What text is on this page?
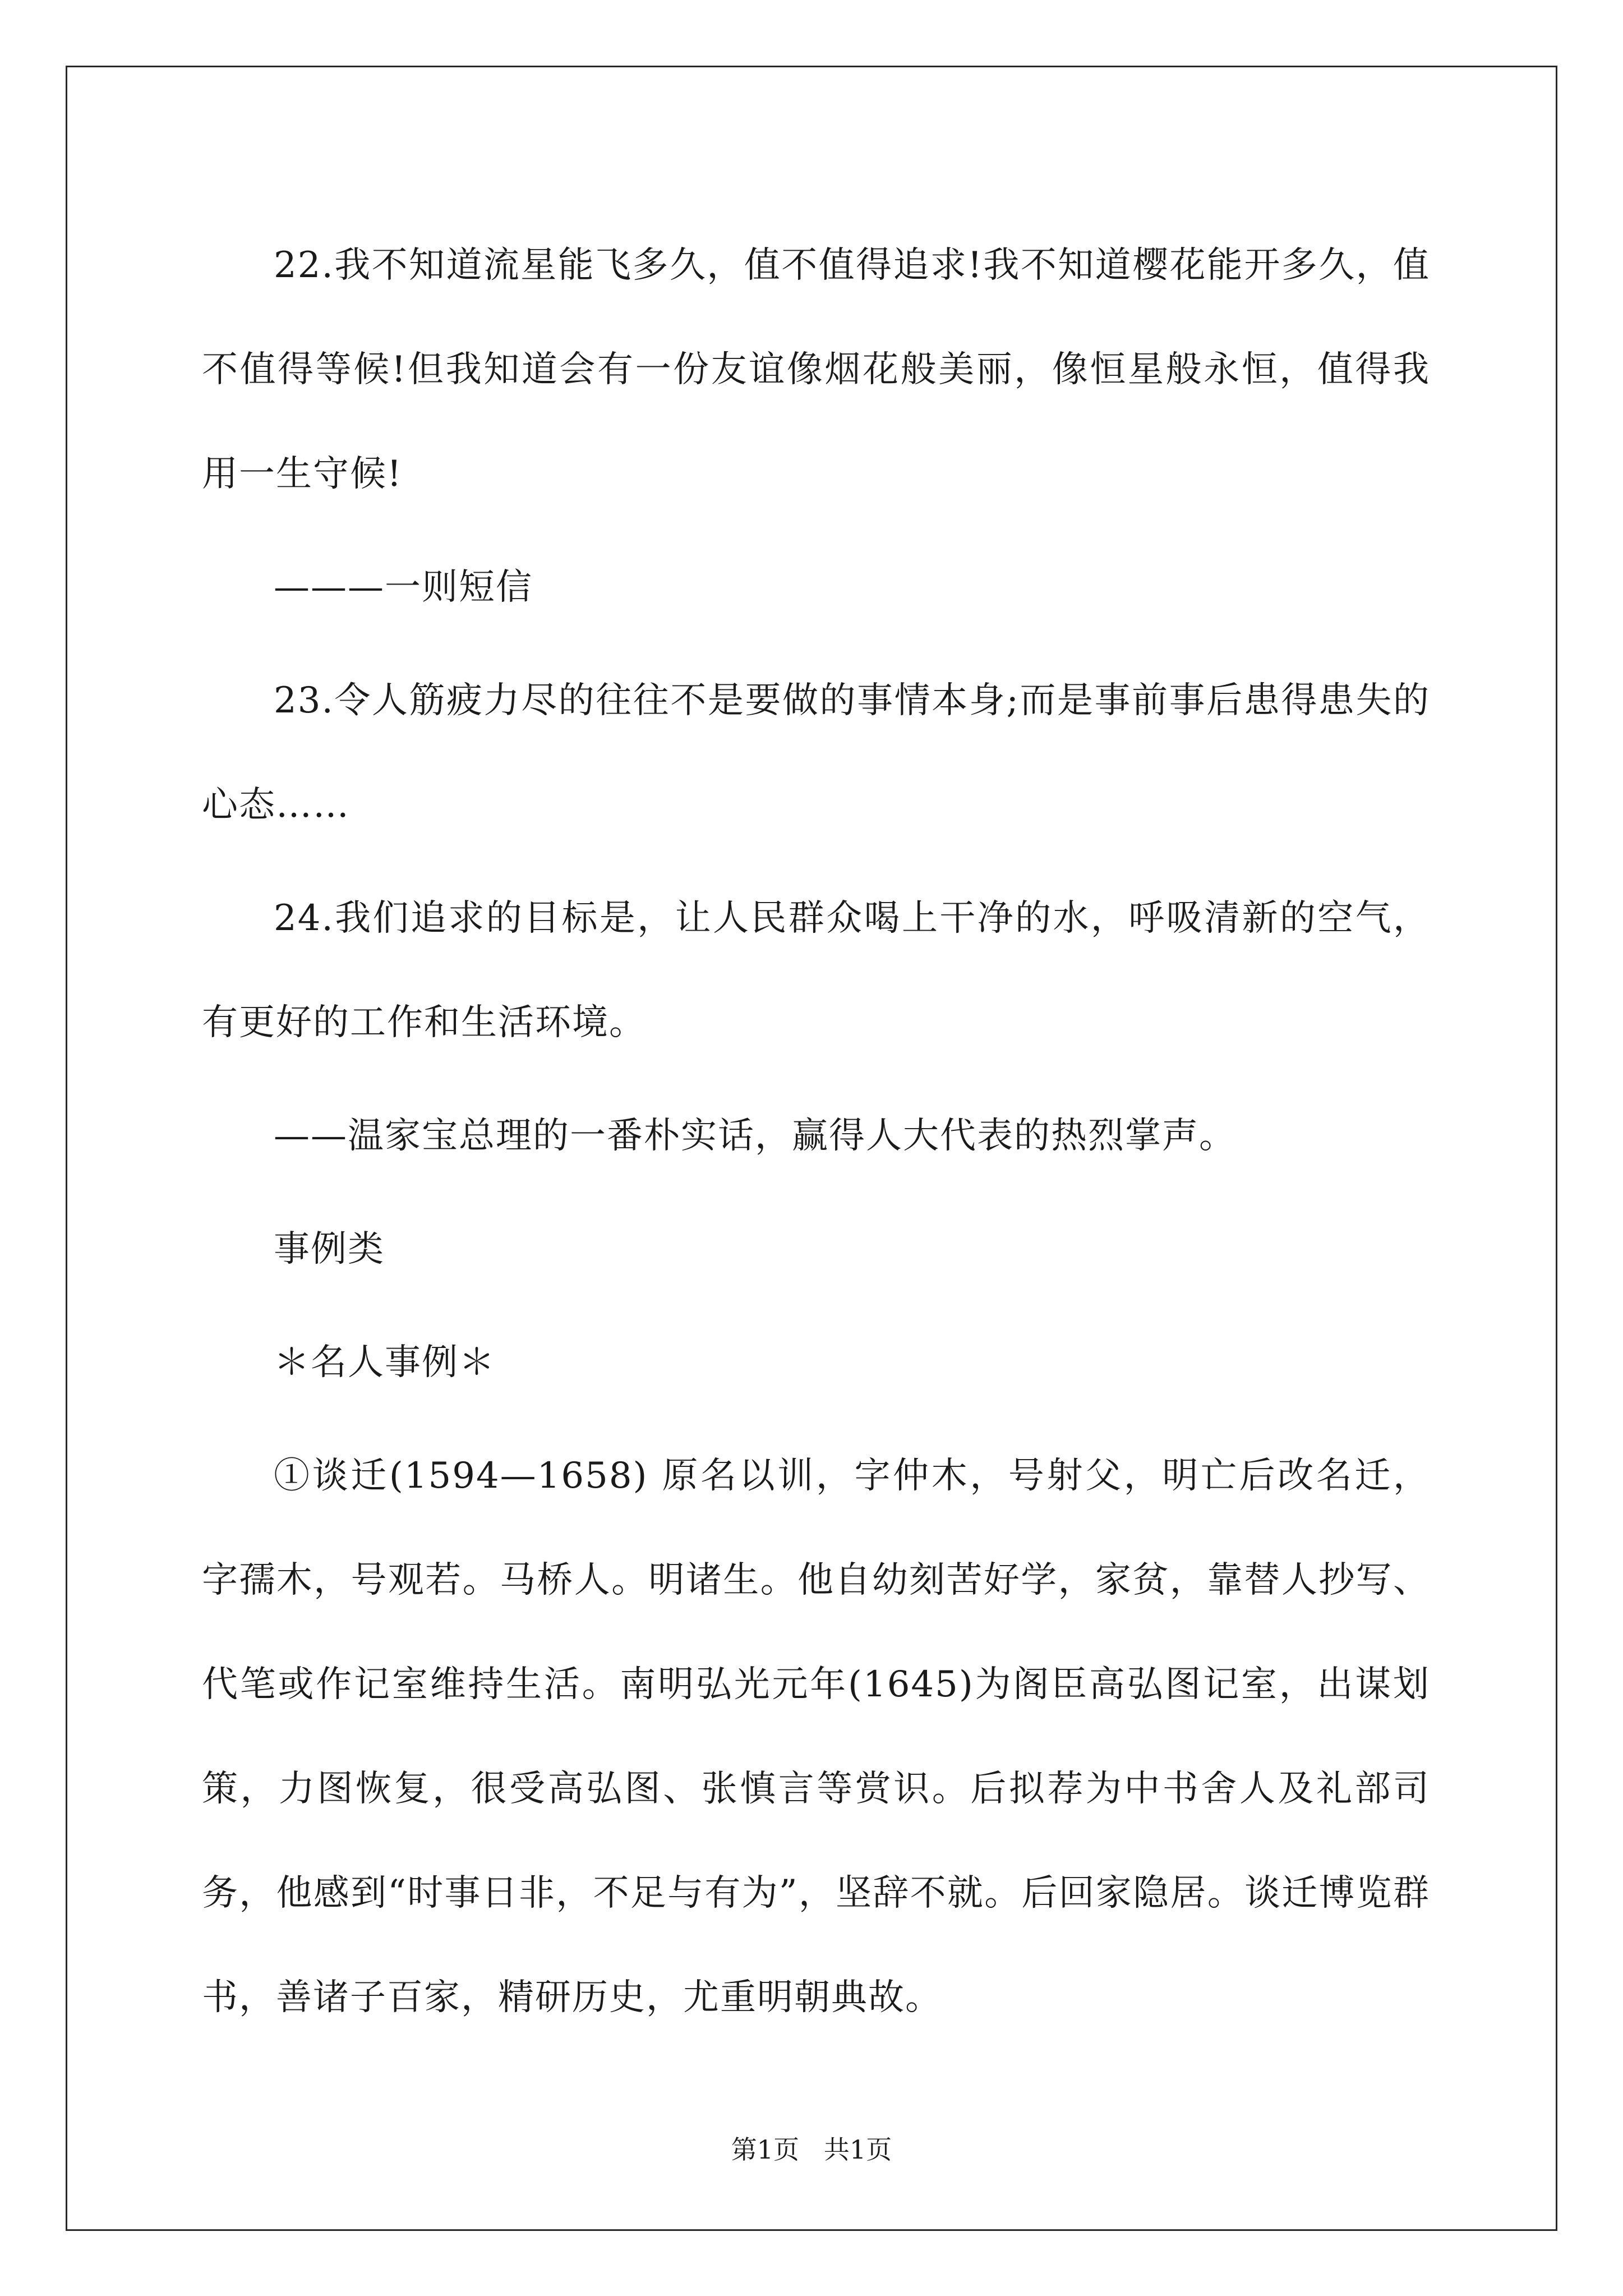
22.我不知道流星能飞多久，值不值得追求!我不知道樱花能开多久，值不值得等候!但我知道会有一份友谊像烟花般美丽，像恒星般永恒，值得我用一生守候!

———一则短信

23.令人筋疲力尽的往往不是要做的事情本身;而是事前事后患得患失的心态……

24.我们追求的目标是，让人民群众喝上干净的水，呼吸清新的空气，有更好的工作和生活环境。

——温家宝总理的一番朴实话，赢得人大代表的热烈掌声。

事例类

＊名人事例＊

①谈迁(1594—1658) 原名以训，字仲木，号射父，明亡后改名迁，字孺木，号观若。马桥人。明诸生。他自幼刻苦好学，家贫，靠替人抄写、代笔或作记室维持生活。南明弘光元年(1645)为阁臣高弘图记室，出谋划策，力图恢复，很受高弘图、张慎言等赏识。后拟荐为中书舍人及礼部司务，他感到“时事日非，不足与有为”，坚辞不就。后回家隐居。谈迁博览群书，善诸子百家，精研历史，尤重明朝典故。

第1页   共1页
